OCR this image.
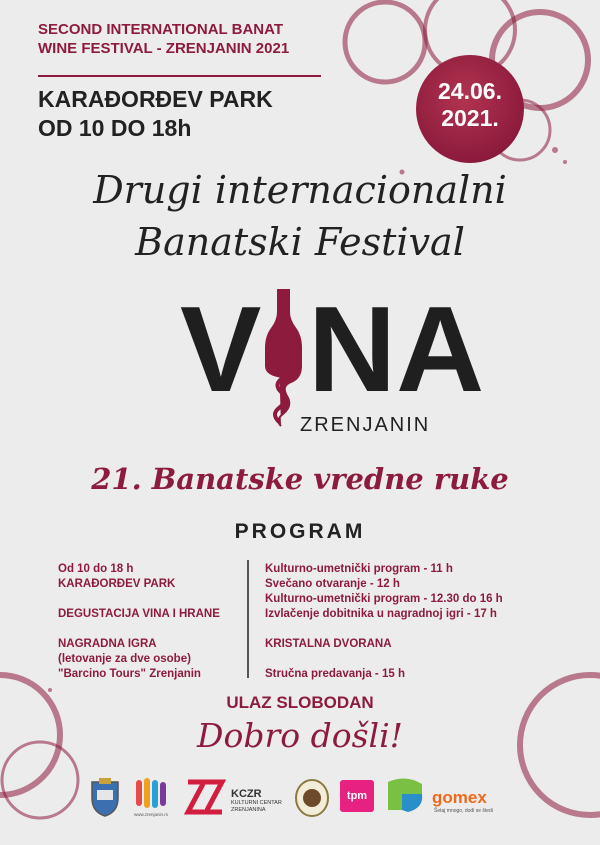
SECOND INTERNATIONAL BANAT
WINE FESTIVAL - ZRENJANIN 2021
KARAĐORĐEV PARK
OD 10 DO 18h
24.06.
2021.
Drugi internacionalni
Banatski Festival
V NA
ZRENJANIN
21. Banatske vredne ruke
PROGRAM

Od 10 do 18 h

KARAĐORĐEV PARK

DEGUSTACIJA VINA I HRANE

NAGRADNA IGRA

(letovanje za dve osobe)

"Barcino Tours" Zrenjanin

Kulturno-umetnički program - 11 h

Svečano otvaranje - 12 h

Kulturno-umetnički program - 12.30 do 16 h

Izvlačenje dobitnika u nagradnoj igri - 17 h

KRISTALNA DVORANA

Stručna predavanja - 15 h

ULAZ SLOBODAN
Dobro došli!
www.zrenjanin.rs
KCZR
KULTURNI CENTAR
ZRENJANINA
tpm	gomex
Šetaj mnogo, dođi se štedi
